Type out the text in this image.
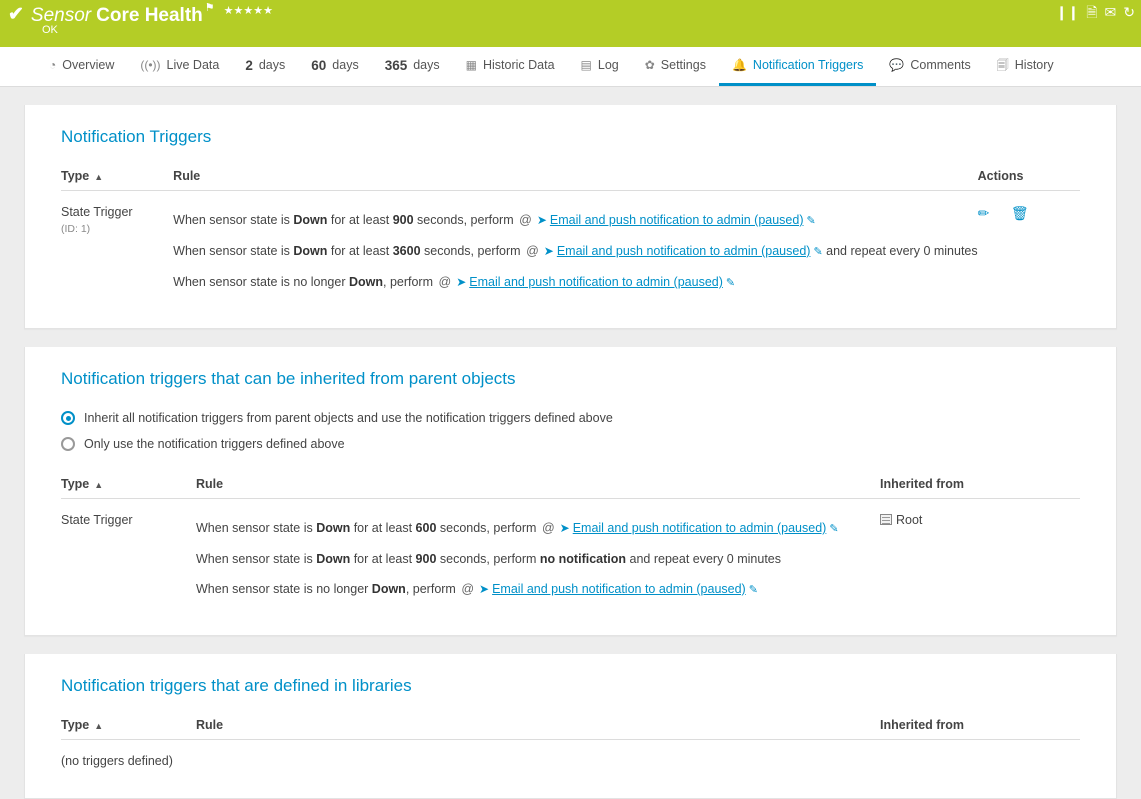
✔ Sensor Core Health ⚑ ★★★★★
OK
❙❙ 🗎 ✉ ↻
◔ Overview ((•)) Live Data 2 days 60 days 365 days ▦ Historic Data ▤ Log ✿ Settings 🔔 Notification Triggers 💬 Comments 🗐 History
Notification Triggers
Type ▲	Rule	Actions

State Trigger
(ID: 1)

When sensor state is Down for at least 900 seconds, perform @ ➤ Email and push notification to admin (paused) ✎
When sensor state is Down for at least 3600 seconds, perform @ ➤ Email and push notification to admin (paused) ✎ and repeat every 0 minutes
When sensor state is no longer Down, perform @ ➤ Email and push notification to admin (paused) ✎
	✏ 🗑
Notification triggers that can be inherited from parent objects
Inherit all notification triggers from parent objects and use the notification triggers defined above
Only use the notification triggers defined above
Type ▲	Rule	Inherited from

State Trigger	When sensor state is Down for at least 600 seconds, perform @ ➤ Email and push notification to admin (paused) ✎
When sensor state is Down for at least 900 seconds, perform no notification and repeat every 0 minutes
When sensor state is no longer Down, perform @ ➤ Email and push notification to admin (paused) ✎	Root
Notification triggers that are defined in libraries
Type ▲	Rule	Inherited from
(no triggers defined)
